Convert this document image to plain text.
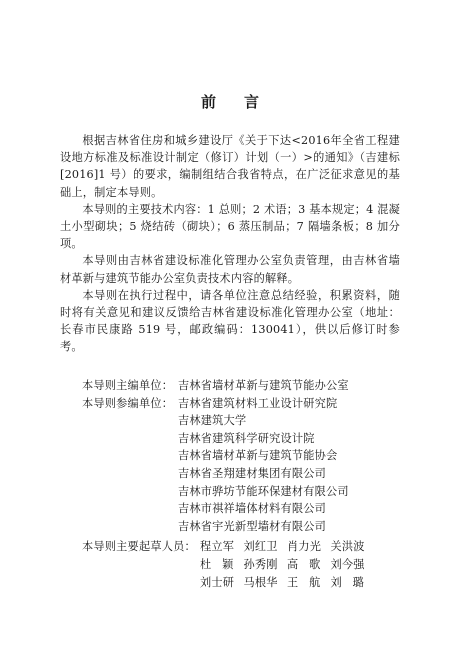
前言

根据吉林省住房和城乡建设厅《关于下达<2016年全省工程建设地方标准及标准设计制定（修订）计划（一）>的通知》（吉建标[2016]1 号）的要求，编制组结合我省特点，在广泛征求意见的基础上，制定本导则。

本导则的主要技术内容：1 总则；2 术语；3 基本规定；4 混凝土小型砌块；5 烧结砖（砌块）；6 蒸压制品；7 隔墙条板；8 加分项。

本导则由吉林省建设标准化管理办公室负责管理，由吉林省墙材革新与建筑节能办公室负责技术内容的解释。

本导则在执行过程中，请各单位注意总结经验，积累资料，随时将有关意见和建议反馈给吉林省建设标准化管理办公室（地址：长春市民康路 519 号，邮政编码：130041），供以后修订时参考。

本导则主编单位： 吉林省墙材革新与建筑节能办公室
本导则参编单位： 吉林省建筑材料工业设计研究院
吉林建筑大学
吉林省建筑科学研究设计院
吉林省墙材革新与建筑节能协会
吉林省圣翔建材集团有限公司
吉林市骅坊节能环保建材有限公司
吉林市祺祥墙体材料有限公司
吉林省宇光新型墙材有限公司
本导则主要起草人员： 程立军 刘红卫 肖力光 关洪波
杜颖 孙秀刚 高歌 刘今强
刘士研 马根华 王航 刘璐
